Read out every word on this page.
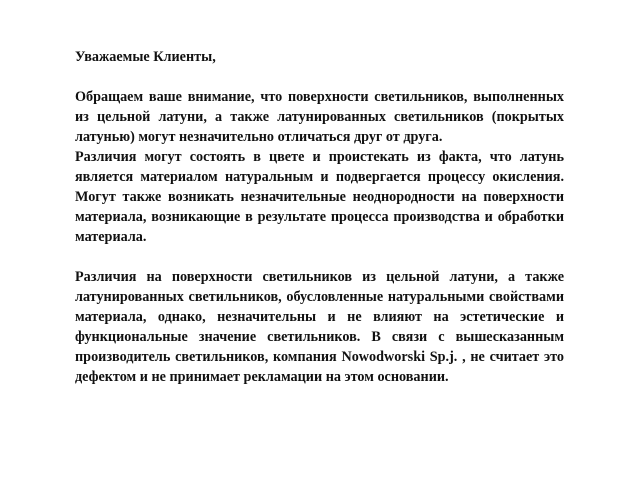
Уважаемые Клиенты,

Обращаем ваше внимание, что поверхности светильников, выполненных из цельной латуни, а также латунированных светильников (покрытых латунью) могут незначительно отличаться друг от друга.

Различия могут состоять в цвете и проистекать из факта, что латунь является материалом натуральным и подвергается процессу окисления. Могут также возникать незначительные неоднородности на поверхности материала, возникающие в результате процесса производства и обработки материала.

Различия на поверхности светильников из цельной латуни, а также латунированных светильников, обусловленные натуральными свойствами материала, однако, незначительны и не влияют на эстетические и функциональные значение светильников. В связи с вышесказанным производитель светильников, компания Nowodworski Sp.j. , не считает это дефектом и не принимает рекламации на этом основании.
